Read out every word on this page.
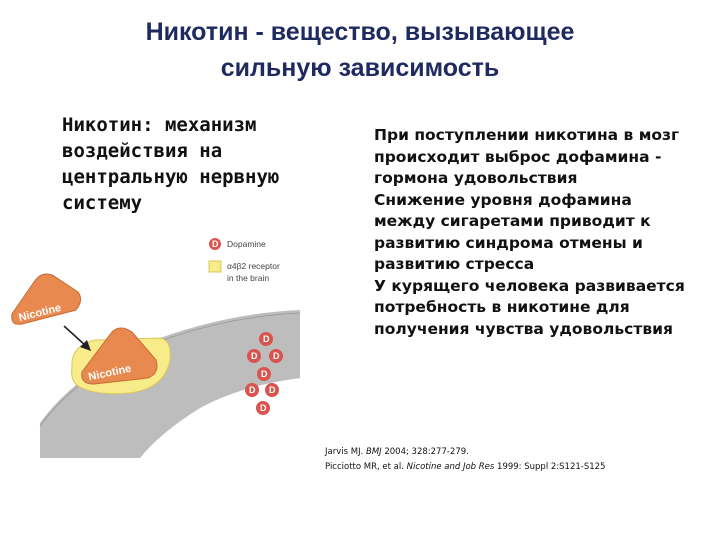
Никотин - вещество, вызывающее
сильную зависимость
Никотин: механизм воздействия на центральную нервную систему

При поступлении никотина в мозг происходит выброс дофамина - гормона удовольствия

Снижение уровня дофамина между сигаретами приводит к развитию синдрома отмены и развитию стресса

У курящего человека развивается потребность в никотине для получения чувства удовольствия

Nicotine
Nicotine
D Dopamine
α4β2 receptor
in the brain
D
D D
D
D D
D
Jarvis MJ. BMJ 2004; 328:277-279.
Picciotto MR, et al. Nicotine and Job Res 1999: Suppl 2:S121-S125
